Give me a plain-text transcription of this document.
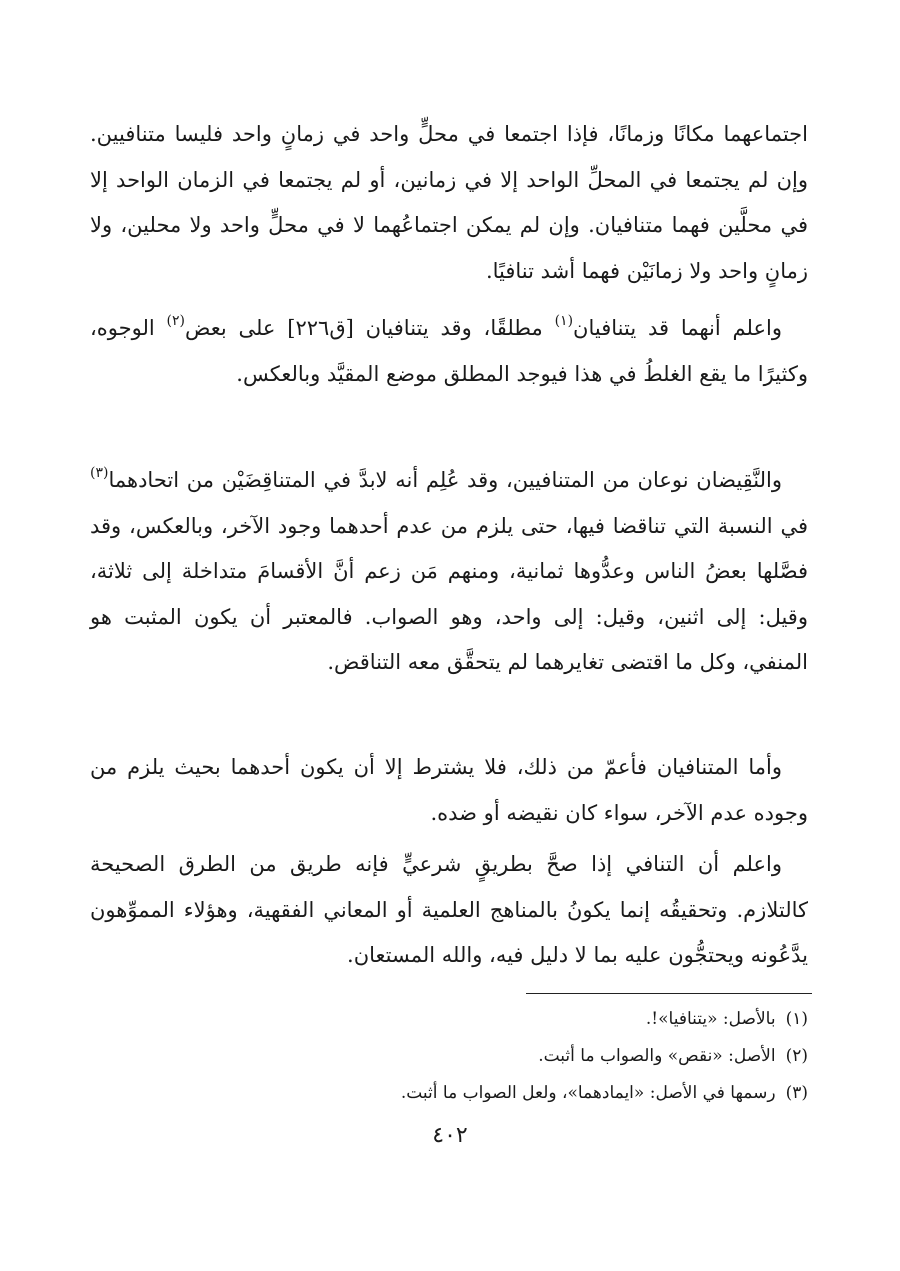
اجتماعهما مكانًا وزمانًا، فإذا اجتمعا في محلٍّ واحد في زمانٍ واحد فليسا متنافيين. وإن لم يجتمعا في المحلِّ الواحد إلا في زمانين، أو لم يجتمعا في الزمان الواحد إلا في محلَّين فهما متنافيان. وإن لم يمكن اجتماعُهما لا في محلٍّ واحد ولا محلين، ولا زمانٍ واحد ولا زمانَيْن فهما أشد تنافيًا.
واعلم أنهما قد يتنافيان$^{(١)}$ مطلقًا، وقد يتنافيان [ق٢٢٦] على بعض$^{(٢)}$ الوجوه، وكثيرًا ما يقع الغلطُ في هذا فيوجد المطلق موضع المقيَّد وبالعكس.
والنَّقِيضان نوعان من المتنافيين، وقد عُلِم أنه لابدَّ في المتناقِضَيْن من اتحادهما$^{(٣)}$ في النسبة التي تناقضا فيها، حتى يلزم من عدم أحدهما وجود الآخر، وبالعكس، وقد فصَّلها بعضُ الناس وعدُّوها ثمانية، ومنهم مَن زعم أنَّ الأقسامَ متداخلة إلى ثلاثة، وقيل: إلى اثنين، وقيل: إلى واحد، وهو الصواب. فالمعتبر أن يكون المثبت هو المنفي، وكل ما اقتضى تغايرهما لم يتحقَّق معه التناقض.
وأما المتنافيان فأعمّ من ذلك، فلا يشترط إلا أن يكون أحدهما بحيث يلزم من وجوده عدم الآخر، سواء كان نقيضه أو ضده.
واعلم أن التنافي إذا صحَّ بطريقٍ شرعيٍّ فإنه طريق من الطرق الصحيحة كالتلازم. وتحقيقُه إنما يكونُ بالمناهج العلمية أو المعاني الفقهية، وهؤلاء المموِّهون يدَّعُونه ويحتجُّون عليه بما لا دليل فيه، والله المستعان.
(١)بالأصل: «يتنافيا»!.
(٢)الأصل: «نقص» والصواب ما أثبت.
(٣)رسمها في الأصل: «ايمادهما»، ولعل الصواب ما أثبت.
٤٠٢
